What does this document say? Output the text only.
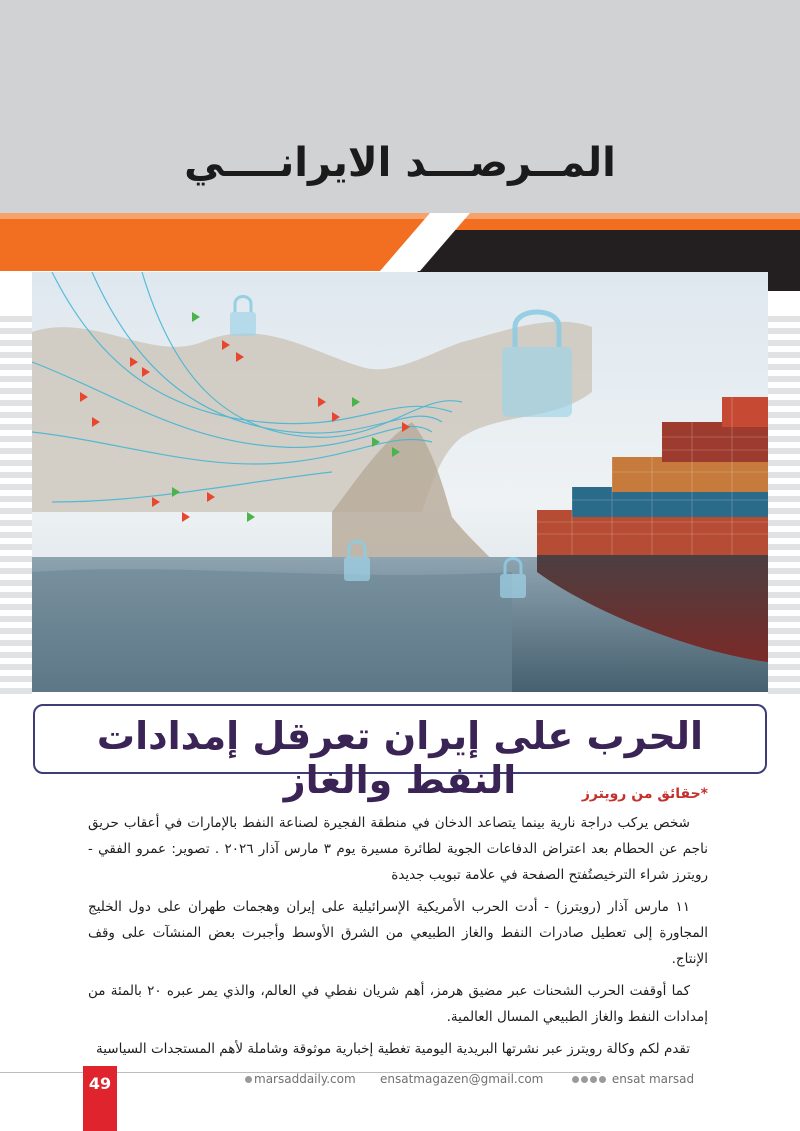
المــرصـــد الايرانــــي
الحرب على إيران تعرقل إمدادات النفط والغاز	*حقائق من رويترز

شخص يركب دراجة نارية بينما يتصاعد الدخان في منطقة الفجيرة لصناعة النفط بالإمارات في أعقاب حريق ناجم عن الحطام بعد اعتراض الدفاعات الجوية لطائرة مسيرة يوم ٣ مارس آذار ٢٠٢٦ . تصوير: عمرو الفقي - رويترز شراء الترخيصتُفتح الصفحة في علامة تبويب جديدة

١١ مارس آذار (رويترز) - أدت الحرب الأمريكية الإسرائيلية على إيران وهجمات طهران على دول الخليج المجاورة إلى تعطيل صادرات النفط والغاز الطبيعي من الشرق الأوسط وأجبرت بعض المنشآت على وقف الإنتاج.

كما أوقفت الحرب الشحنات عبر مضيق هرمز، أهم شريان نفطي في العالم، والذي يمر عبره ٢٠ بالمئة من إمدادات النفط والغاز الطبيعي المسال العالمية.

تقدم لكم وكالة رويترز عبر نشرتها البريدية اليومية تغطية إخبارية موثوقة وشاملة لأهم المستجدات السياسية

49	marsaddaily.com ensatmagazen@gmail.com	ensat marsad
